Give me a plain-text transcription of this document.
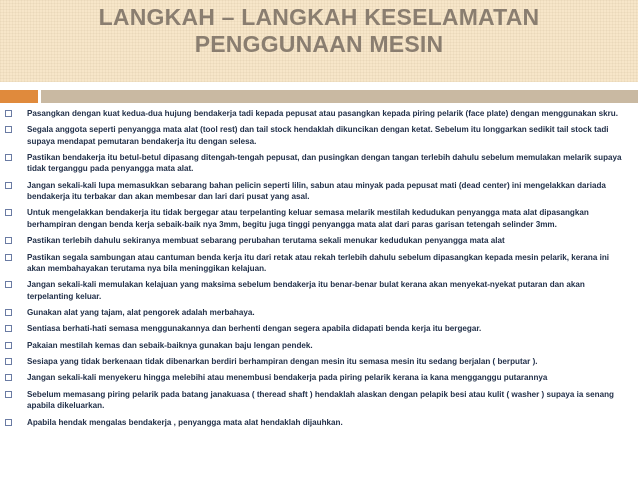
LANGKAH – LANGKAH KESELAMATAN
PENGGUNAAN MESIN
Pasangkan dengan kuat kedua-dua hujung bendakerja tadi kepada pepusat atau pasangkan kepada piring pelarik (face plate) dengan menggunakan skru.
Segala anggota seperti penyangga mata alat (tool rest) dan tail stock hendaklah dikuncikan dengan ketat. Sebelum itu longgarkan sedikit tail stock tadi supaya mendapat pemutaran bendakerja itu dengan selesa.
Pastikan bendakerja itu betul-betul dipasang ditengah-tengah pepusat, dan pusingkan dengan tangan terlebih dahulu sebelum memulakan melarik supaya tidak terganggu pada penyangga mata alat.
Jangan sekali-kali lupa memasukkan sebarang bahan pelicin seperti lilin, sabun atau minyak pada pepusat mati (dead center) ini mengelakkan dariada bendakerja itu terbakar dan akan membesar dan lari dari pusat yang asal.
Untuk mengelakkan bendakerja itu tidak bergegar atau terpelanting keluar semasa melarik mestilah kedudukan penyangga mata alat dipasangkan berhampiran dengan benda kerja sebaik-baik nya 3mm, begitu juga tinggi penyangga mata alat dari paras garisan tetengah selinder 3mm.
Pastikan terlebih dahulu sekiranya membuat sebarang perubahan terutama sekali menukar kedudukan penyangga mata alat
Pastikan segala sambungan atau cantuman benda kerja itu dari retak atau rekah terlebih dahulu sebelum dipasangkan kepada mesin pelarik, kerana ini akan membahayakan terutama nya bila meninggikan kelajuan.
Jangan sekali-kali memulakan kelajuan yang maksima sebelum bendakerja itu benar-benar bulat kerana akan menyekat-nyekat putaran dan akan terpelanting keluar.
Gunakan alat yang tajam, alat pengorek adalah merbahaya.
Sentiasa berhati-hati semasa menggunakannya dan berhenti dengan segera apabila didapati benda kerja itu bergegar.
Pakaian mestilah kemas dan sebaik-baiknya gunakan baju lengan pendek.
Sesiapa yang tidak berkenaan tidak dibenarkan berdiri berhampiran dengan mesin itu semasa mesin itu sedang berjalan ( berputar ).
Jangan sekali-kali menyekeru hingga melebihi atau menembusi bendakerja pada piring pelarik kerana ia kana mengganggu putarannya
Sebelum memasang piring pelarik pada batang janakuasa ( theread shaft ) hendaklah alaskan dengan pelapik besi atau kulit ( washer ) supaya ia senang apabila dikeluarkan.
Apabila hendak mengalas bendakerja , penyangga mata alat hendaklah dijauhkan.
